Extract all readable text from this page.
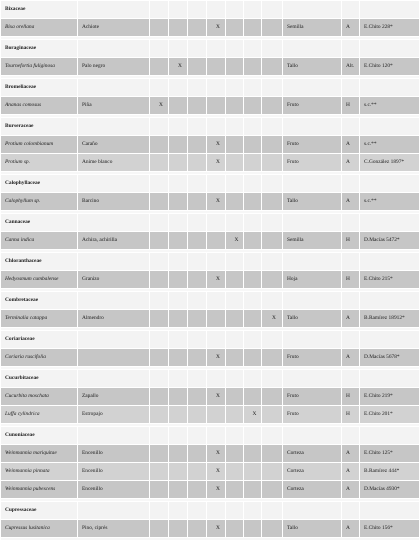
Bixaceae											
Bixa orellana	Achiote				X				Semilla	A	E.Chito 228*

Boraginaceae											
Tournefortia fuliginosa	Palo negro		X						Tallo	Alt.	E.Chito 120*

Bromeliaceae											
Ananas comosus	Piña	X							Fruto	H	s.c.**

Burseraceae											
Protium colombianum	Caraño				X				Fruto	A	s.c.**
Protium sp.	Anime blanco				X				Fruto	A	C.González 1897*

Calophyllaceae											
Calophyllum sp.	Barcino				X				Tallo	A	s.c.**

Cannaceae											
Canna indica	Achira, achirilla					X			Semilla	H	D.Macías 5472*

Chloranthaceae											
Hedyosmum cumbalense	Granizo				X				Hoja	H	E.Chito 215*

Combretaceae											
Terminalia catappa	Almendro							X	Tallo	A	B.Ramírez 18912*

Coriariaceae											
Coriaria ruscifolia					X				Fruto	A	D.Macías 5678*

Cucurbitaceae											
Cucurbita moschata	Zapallo				X				Fruto	H	E.Chito 219*
Luffa cylindrica	Estropajo						X		Fruto	H	E.Chito 201*

Cunoniaceae											
Weinmannia mariquitae	Encenillo				X				Corteza	A	E.Chito 125*
Weinmannia pinnata	Encenillo				X				Corteza	A	B.Ramírez 444*
Weinmannia pubescens	Encenillo				X				Corteza	A	D.Macías 4930*

Cupressaceae											
Cupressus lusitanica	Pino, ciprés				X				Tallo	A	E.Chito 156*
